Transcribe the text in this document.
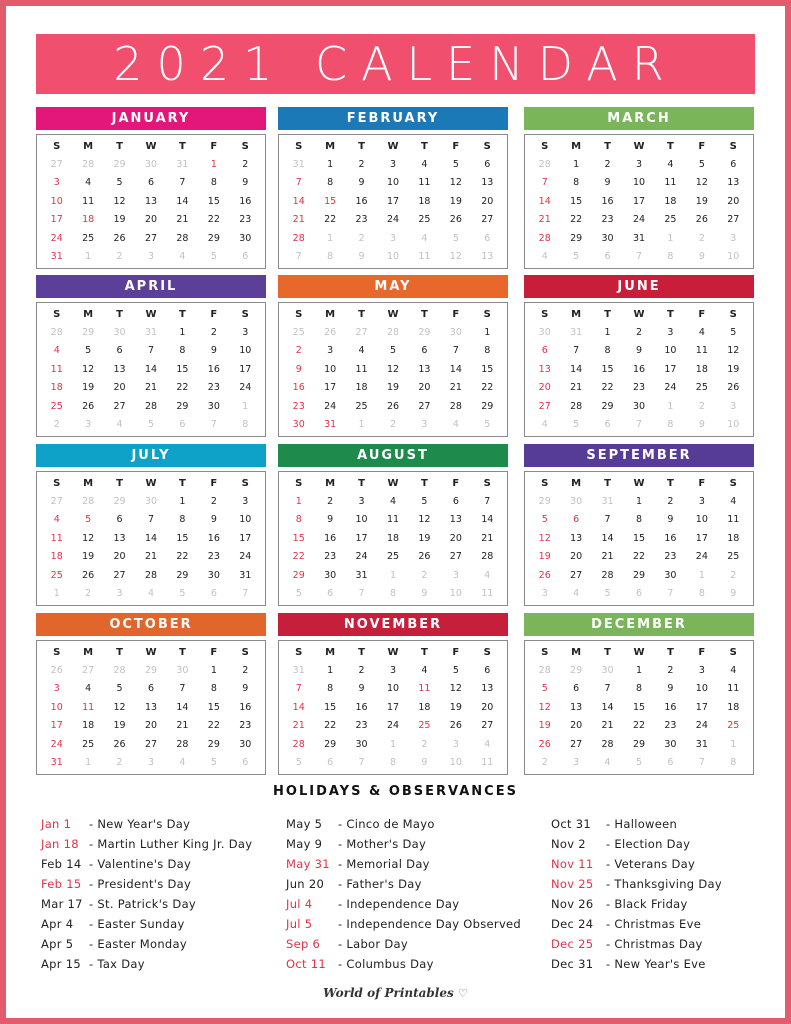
2021 CALENDAR
JANUARY
S	M	T	W	T	F	S
27	28	29	30	31	1	2
3	4	5	6	7	8	9
10	11	12	13	14	15	16
17	18	19	20	21	22	23
24	25	26	27	28	29	30
31	1	2	3	4	5	6
FEBRUARY
S	M	T	W	T	F	S
31	1	2	3	4	5	6
7	8	9	10	11	12	13
14	15	16	17	18	19	20
21	22	23	24	25	26	27
28	1	2	3	4	5	6
7	8	9	10	11	12	13
MARCH
S	M	T	W	T	F	S
28	1	2	3	4	5	6
7	8	9	10	11	12	13
14	15	16	17	18	19	20
21	22	23	24	25	26	27
28	29	30	31	1	2	3
4	5	6	7	8	9	10
APRIL
S	M	T	W	T	F	S
28	29	30	31	1	2	3
4	5	6	7	8	9	10
11	12	13	14	15	16	17
18	19	20	21	22	23	24
25	26	27	28	29	30	1
2	3	4	5	6	7	8
MAY
S	M	T	W	T	F	S
25	26	27	28	29	30	1
2	3	4	5	6	7	8
9	10	11	12	13	14	15
16	17	18	19	20	21	22
23	24	25	26	27	28	29
30	31	1	2	3	4	5
JUNE
S	M	T	W	T	F	S
30	31	1	2	3	4	5
6	7	8	9	10	11	12
13	14	15	16	17	18	19
20	21	22	23	24	25	26
27	28	29	30	1	2	3
4	5	6	7	8	9	10
JULY
S	M	T	W	T	F	S
27	28	29	30	1	2	3
4	5	6	7	8	9	10
11	12	13	14	15	16	17
18	19	20	21	22	23	24
25	26	27	28	29	30	31
1	2	3	4	5	6	7
AUGUST
S	M	T	W	T	F	S
1	2	3	4	5	6	7
8	9	10	11	12	13	14
15	16	17	18	19	20	21
22	23	24	25	26	27	28
29	30	31	1	2	3	4
5	6	7	8	9	10	11
SEPTEMBER
S	M	T	W	T	F	S
29	30	31	1	2	3	4
5	6	7	8	9	10	11
12	13	14	15	16	17	18
19	20	21	22	23	24	25
26	27	28	29	30	1	2
3	4	5	6	7	8	9
OCTOBER
S	M	T	W	T	F	S
26	27	28	29	30	1	2
3	4	5	6	7	8	9
10	11	12	13	14	15	16
17	18	19	20	21	22	23
24	25	26	27	28	29	30
31	1	2	3	4	5	6
NOVEMBER
S	M	T	W	T	F	S
31	1	2	3	4	5	6
7	8	9	10	11	12	13
14	15	16	17	18	19	20
21	22	23	24	25	26	27
28	29	30	1	2	3	4
5	6	7	8	9	10	11
DECEMBER
S	M	T	W	T	F	S
28	29	30	1	2	3	4
5	6	7	8	9	10	11
12	13	14	15	16	17	18
19	20	21	22	23	24	25
26	27	28	29	30	31	1
2	3	4	5	6	7	8
HOLIDAYS & OBSERVANCES
Jan 1 - New Year's Day
Jan 18 - Martin Luther King Jr. Day
Feb 14 - Valentine's Day
Feb 15 - President's Day
Mar 17 - St. Patrick's Day
Apr 4 - Easter Sunday
Apr 5 - Easter Monday
Apr 15 - Tax Day
May 5 - Cinco de Mayo
May 9 - Mother's Day
May 31 - Memorial Day
Jun 20 - Father's Day
Jul 4 - Independence Day
Jul 5 - Independence Day Observed
Sep 6 - Labor Day
Oct 11 - Columbus Day
Oct 31 - Halloween
Nov 2 - Election Day
Nov 11 - Veterans Day
Nov 25 - Thanksgiving Day
Nov 26 - Black Friday
Dec 24 - Christmas Eve
Dec 25 - Christmas Day
Dec 31 - New Year's Eve
World of Printables ♡
